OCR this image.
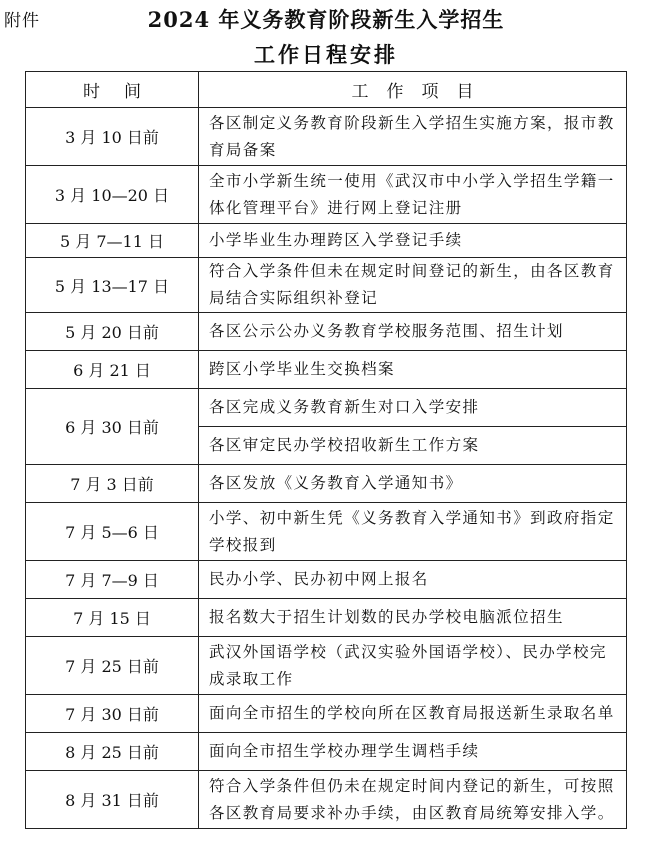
附件	2024 年义务教育阶段新生入学招生
工作日程安排
时间	工作项目
3 月 10 日前	各区制定义务教育阶段新生入学招生实施方案，报市教育局备案
3 月 10—20 日	全市小学新生统一使用《武汉市中小学入学招生学籍一体化管理平台》进行网上登记注册
5 月 7—11 日	小学毕业生办理跨区入学登记手续
5 月 13—17 日	符合入学条件但未在规定时间登记的新生，由各区教育局结合实际组织补登记
5 月 20 日前	各区公示公办义务教育学校服务范围、招生计划
6 月 21 日	跨区小学毕业生交换档案
6 月 30 日前	各区完成义务教育新生对口入学安排
	各区审定民办学校招收新生工作方案
7 月 3 日前	各区发放《义务教育入学通知书》
7 月 5—6 日	小学、初中新生凭《义务教育入学通知书》到政府指定学校报到
7 月 7—9 日	民办小学、民办初中网上报名
7 月 15 日	报名数大于招生计划数的民办学校电脑派位招生
7 月 25 日前	武汉外国语学校（武汉实验外国语学校）、民办学校完成录取工作
7 月 30 日前	面向全市招生的学校向所在区教育局报送新生录取名单
8 月 25 日前	面向全市招生学校办理学生调档手续
8 月 31 日前	符合入学条件但仍未在规定时间内登记的新生，可按照各区教育局要求补办手续，由区教育局统筹安排入学。
